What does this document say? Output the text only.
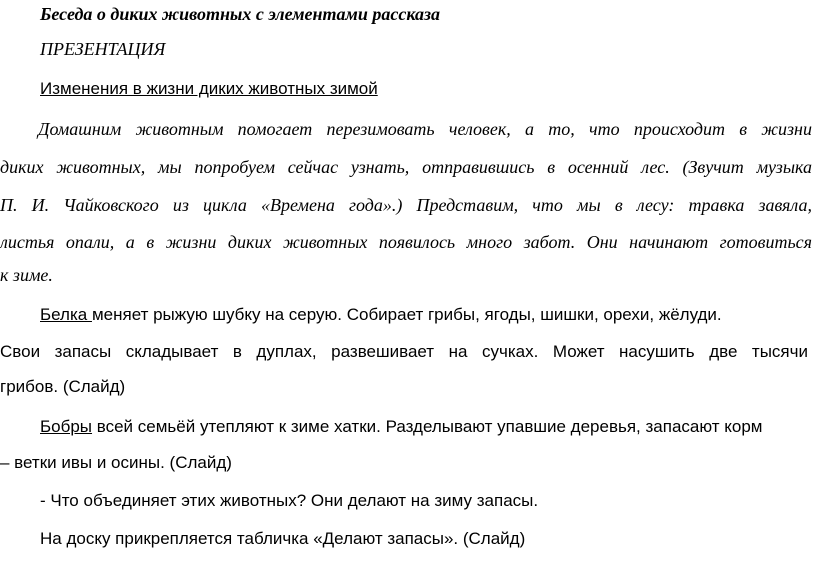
Беседа о диких животных с элементами рассказа
ПРЕЗЕНТАЦИЯ
Изменения в жизни диких животных зимой
Домашним животным помогает перезимовать человек, а то, что происходит в жизни
диких животных, мы попробуем сейчас узнать, отправившись в осенний лес. (Звучит музыка
П. И. Чайковского из цикла «Времена года».) Представим, что мы в лесу: травка завяла,
листья опали, а в жизни диких животных появилось много забот. Они начинают готовиться
к зиме.
Белка меняет рыжую шубку на серую. Собирает грибы, ягоды, шишки, орехи, жёлуди.
Свои запасы складывает в дуплах, развешивает на сучках. Может насушить две тысячи
грибов. (Слайд)
Бобры всей семьёй утепляют к зиме хатки. Разделывают упавшие деревья, запасают корм
– ветки ивы и осины. (Слайд)
- Что объединяет этих животных? Они делают на зиму запасы.
На доску прикрепляется табличка «Делают запасы». (Слайд)
